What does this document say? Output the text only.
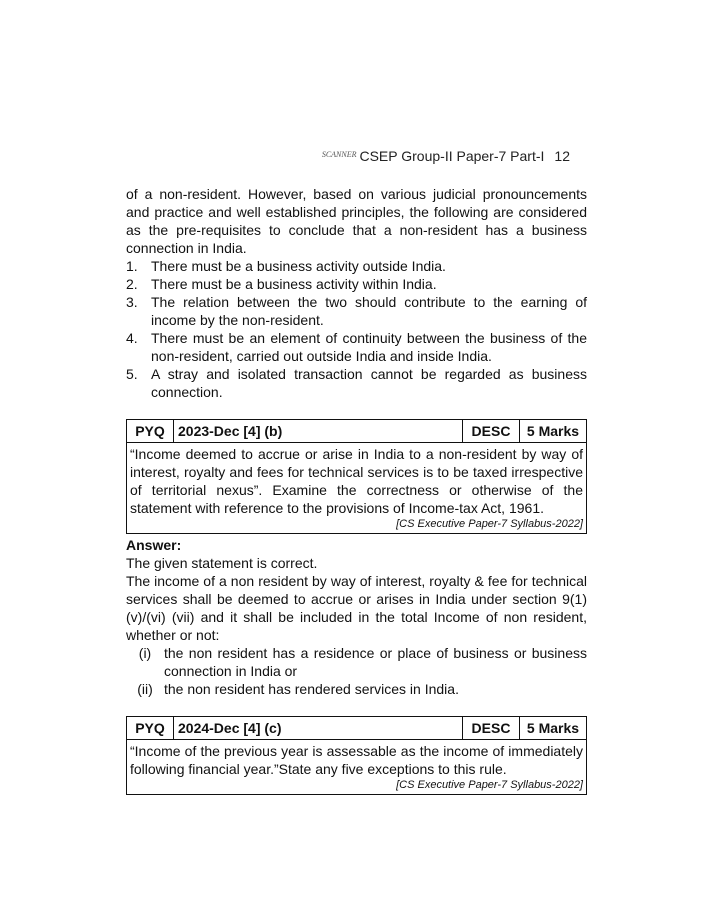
SCANNER CSEP Group-II Paper-7 Part-I 12

of a non-resident. However, based on various judicial pronouncements and practice and well established principles, the following are considered as the pre-requisites to conclude that a non-resident has a business connection in India.

1. There must be a business activity outside India.
2. There must be a business activity within India.
3. The relation between the two should contribute to the earning of income by the non-resident.
4. There must be an element of continuity between the business of the non-resident, carried out outside India and inside India.
5. A stray and isolated transaction cannot be regarded as business connection.
PYQ 2023-Dec [4] (b)	DESC	5 Marks
“Income deemed to accrue or arise in India to a non-resident by way of interest, royalty and fees for technical services is to be taxed irrespective of territorial nexus”. Examine the correctness or otherwise of the statement with reference to the provisions of Income-tax Act, 1961.
[CS Executive Paper-7 Syllabus-2022]
Answer:

The given statement is correct.

The income of a non resident by way of interest, royalty & fee for technical services shall be deemed to accrue or arises in India under section 9(1)(v)/(vi) (vii) and it shall be included in the total Income of non resident, whether or not:

(i) the non resident has a residence or place of business or business connection in India or
(ii) the non resident has rendered services in India.
PYQ 2024-Dec [4] (c)	DESC	5 Marks
“Income of the previous year is assessable as the income of immediately following financial year.”State any five exceptions to this rule.
[CS Executive Paper-7 Syllabus-2022]
